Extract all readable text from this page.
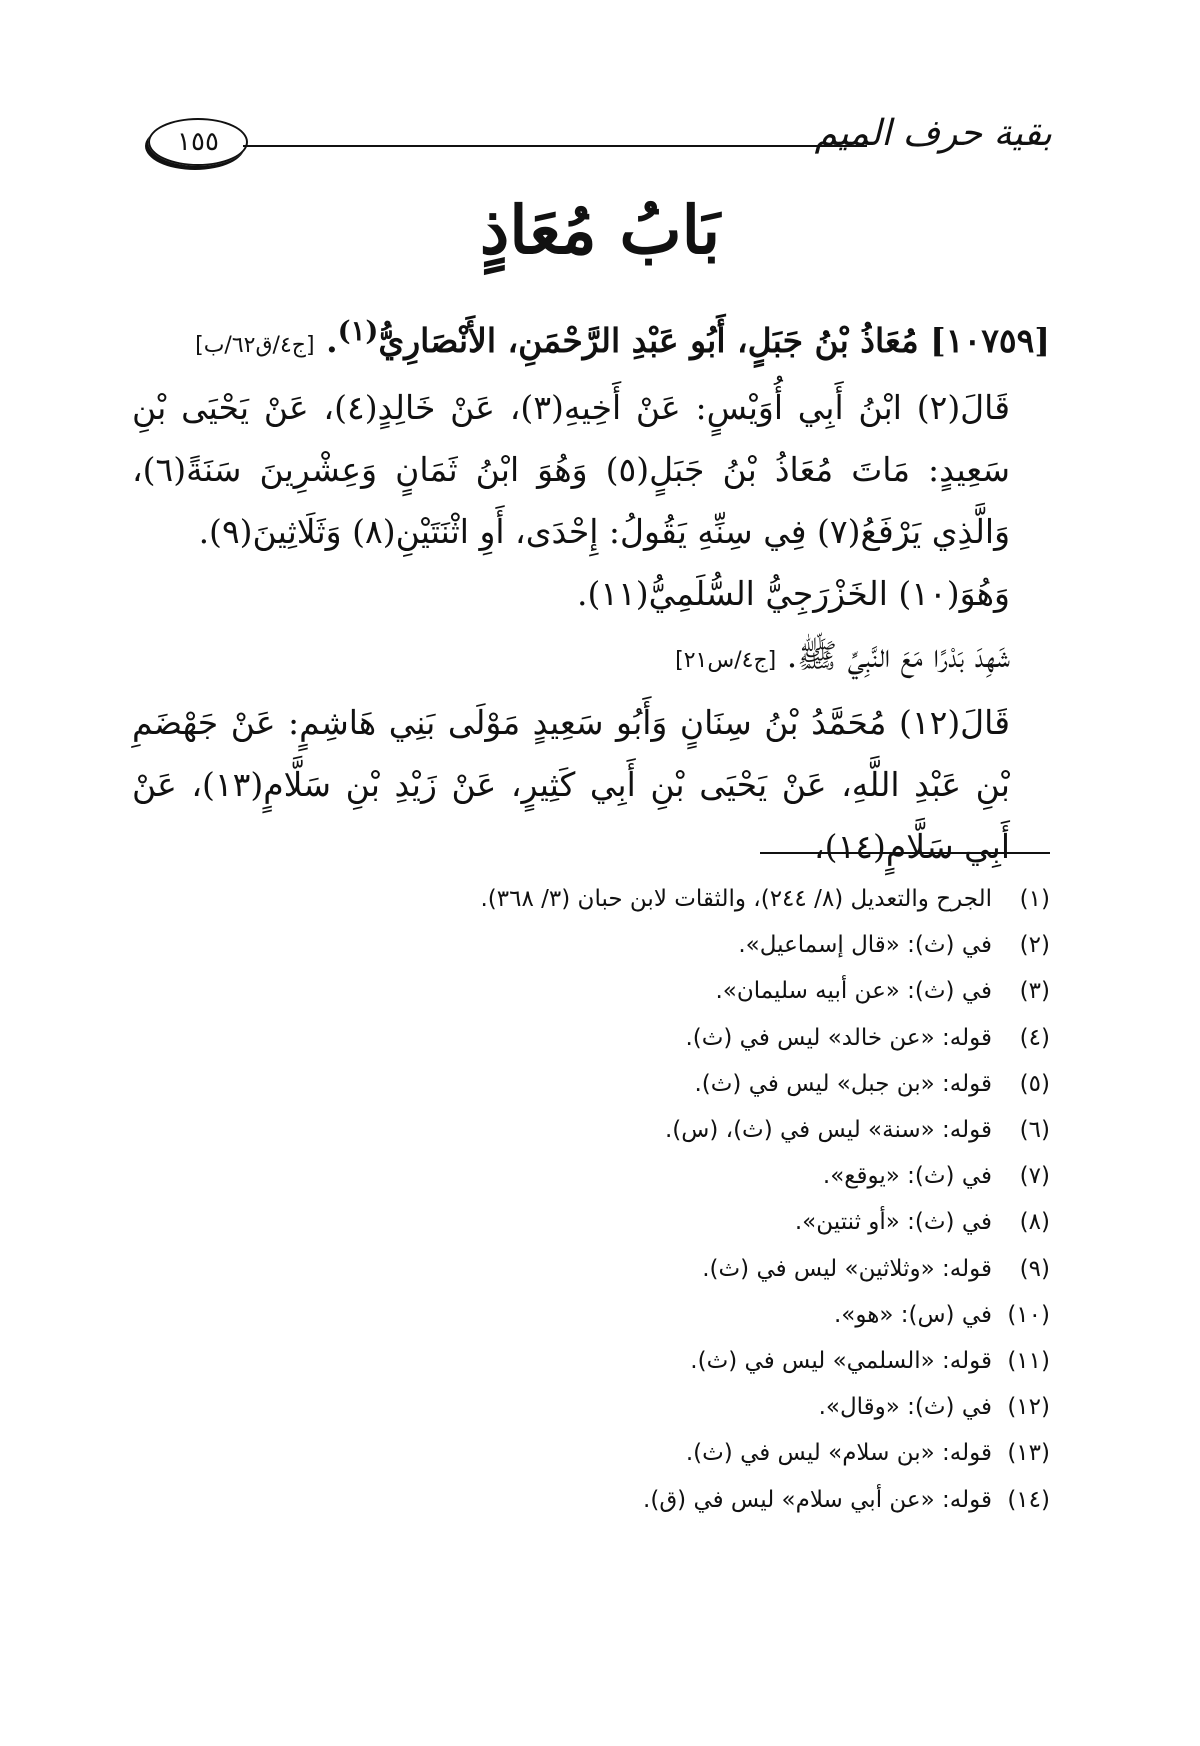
بقية حرف الميم
١٥٥
بَابُ مُعَاذٍ

[١٠٧٥٩] مُعَاذُ بْنُ جَبَلٍ، أَبُو عَبْدِ الرَّحْمَنِ، الأَنْصَارِيُّ$^{(١)}$. [ج٤/ق٦٢/ب]

قَالَ(٢) ابْنُ أَبِي أُوَيْسٍ: عَنْ أَخِيهِ(٣)، عَنْ خَالِدٍ(٤)، عَنْ يَحْيَى بْنِ سَعِيدٍ: مَاتَ مُعَاذُ بْنُ جَبَلٍ(٥) وَهُوَ ابْنُ ثَمَانٍ وَعِشْرِينَ سَنَةً(٦)، وَالَّذِي يَرْفَعُ(٧) فِي سِنِّهِ يَقُولُ: إِحْدَى، أَوِ اثْنَتَيْنِ(٨) وَثَلَاثِينَ(٩).

وَهُوَ(١٠) الخَزْرَجِيُّ السُّلَمِيُّ(١١).

شَهِدَ بَدْرًا مَعَ النَّبِيِّ ﷺ. [ج٤/س٢١]

قَالَ(١٢) مُحَمَّدُ بْنُ سِنَانٍ وَأَبُو سَعِيدٍ مَوْلَى بَنِي هَاشِمٍ: عَنْ جَهْضَمِ بْنِ عَبْدِ اللَّهِ، عَنْ يَحْيَى بْنِ أَبِي كَثِيرٍ، عَنْ زَيْدِ بْنِ سَلَّامٍ(١٣)، عَنْ أَبِي سَلَّامٍ(١٤)،

(١)الجرح والتعديل (٨/ ٢٤٤)، والثقات لابن حبان (٣/ ٣٦٨).
(٢)في (ث): «قال إسماعيل».
(٣)في (ث): «عن أبيه سليمان».
(٤)قوله: «عن خالد» ليس في (ث).
(٥)قوله: «بن جبل» ليس في (ث).
(٦)قوله: «سنة» ليس في (ث)، (س).
(٧)في (ث): «يوقع».
(٨)في (ث): «أو ثنتين».
(٩)قوله: «وثلاثين» ليس في (ث).
(١٠)في (س): «هو».
(١١)قوله: «السلمي» ليس في (ث).
(١٢)في (ث): «وقال».
(١٣)قوله: «بن سلام» ليس في (ث).
(١٤)قوله: «عن أبي سلام» ليس في (ق).
